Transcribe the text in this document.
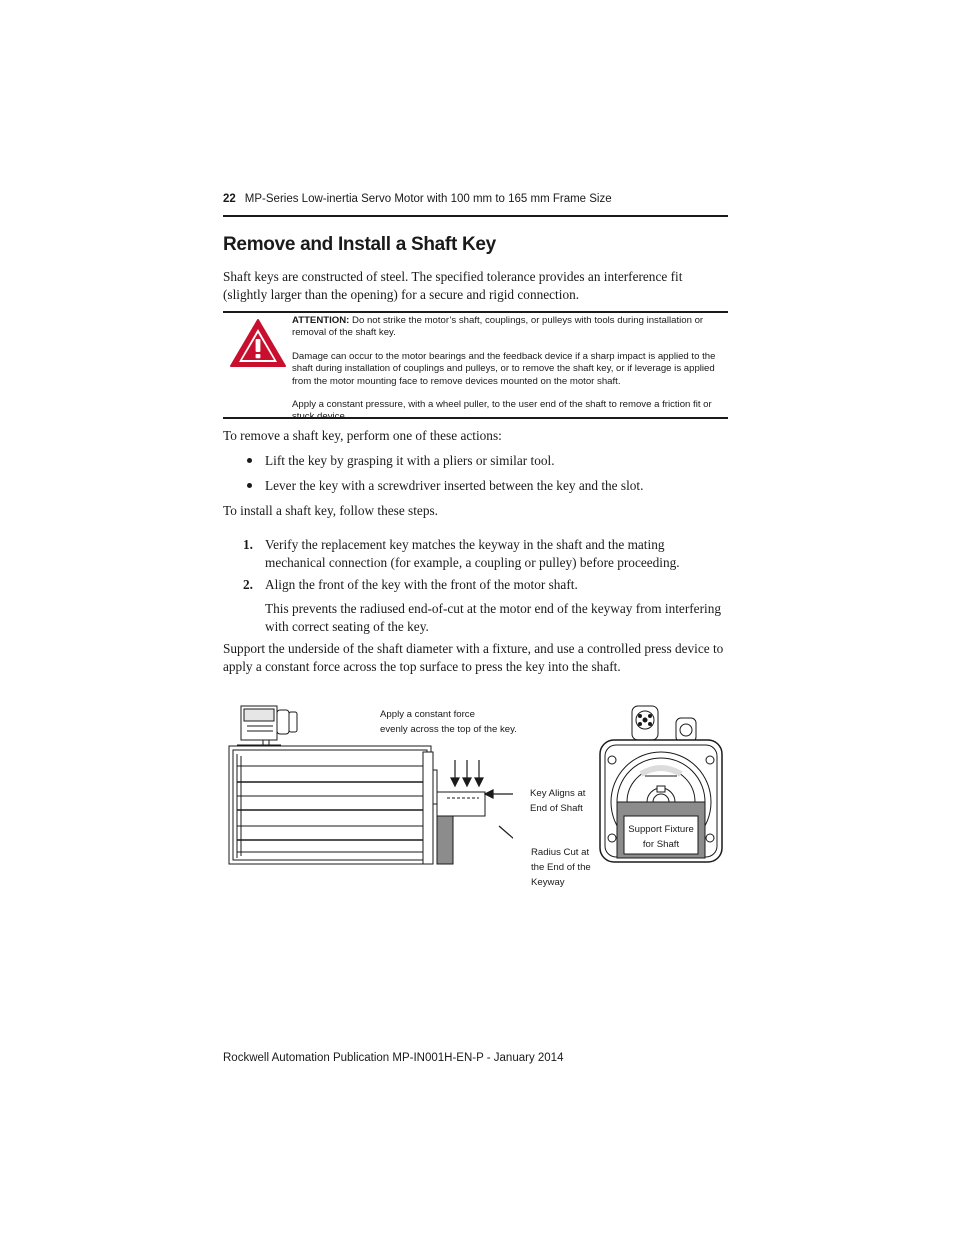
22 MP-Series Low-inertia Servo Motor with 100 mm to 165 mm Frame Size
Remove and Install a Shaft Key

Shaft keys are constructed of steel. The specified tolerance provides an interference fit (slightly larger than the opening) for a secure and rigid connection.

ATTENTION: Do not strike the motor’s shaft, couplings, or pulleys with tools during installation or removal of the shaft key.

Damage can occur to the motor bearings and the feedback device if a sharp impact is applied to the shaft during installation of couplings and pulleys, or to remove the shaft key, or if leverage is applied from the motor mounting face to remove devices mounted on the motor shaft.

Apply a constant pressure, with a wheel puller, to the user end of the shaft to remove a friction fit or

To remove a shaft key, perform one of these actions:

Lift the key by grasping it with a pliers or similar tool.
Lever the key with a screwdriver inserted between the key and the slot.

To install a shaft key, follow these steps.

1. Verify the replacement key matches the keyway in the shaft and the mating mechanical connection (for example, a coupling or pulley) before proceeding.
2. Align the front of the key with the front of the motor shaft.

This prevents the radiused end-of-cut at the motor end of the keyway from interfering with correct seating of the key.

Support the underside of the shaft diameter with a fixture, and use a controlled press device to apply a constant force across the top surface to press the key into the shaft.

Apply a constant force

evenly across the top of the key.

Key Aligns at

End of Shaft

Radius Cut at

the End of the

Keyway

Support Fixture

for Shaft

Rockwell Automation Publication MP-IN001H-EN-P - January 2014
